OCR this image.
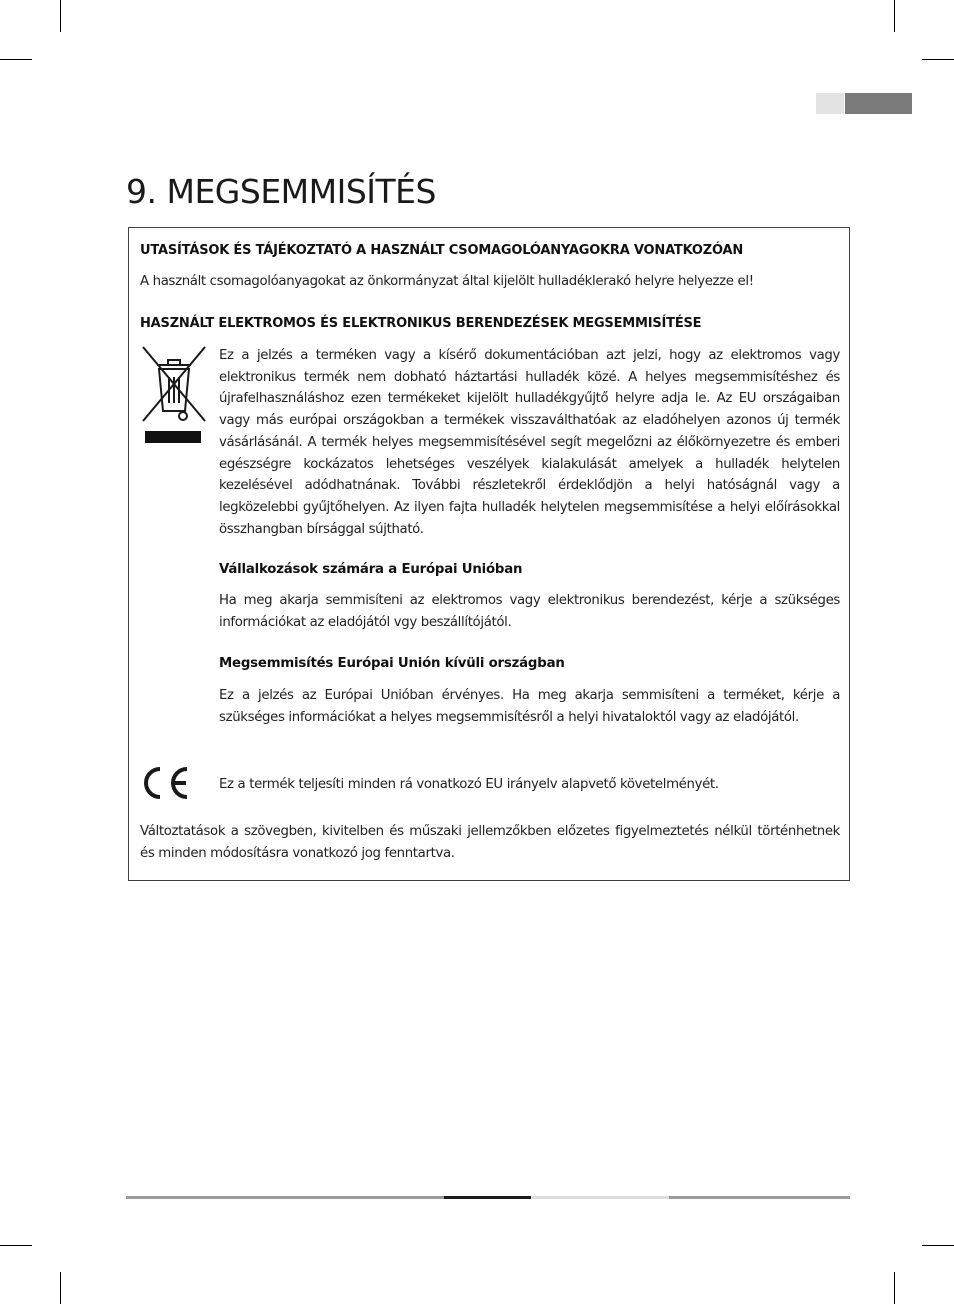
9. MEGSEMMISÍTÉS

UTASÍTÁSOK ÉS TÁJÉKOZTATÓ A HASZNÁLT CSOMAGOLÓANYAGOKRA VONATKOZÓAN

A használt csomagolóanyagokat az önkormányzat által kijelölt hulladéklerakó helyre helyezze el!

HASZNÁLT ELEKTROMOS ÉS ELEKTRONIKUS BERENDEZÉSEK MEGSEMMISÍTÉSE

Ez a jelzés a terméken vagy a kísérő dokumentációban azt jelzi, hogy az elektromos vagy elektronikus termék nem dobható háztartási hulladék közé. A helyes megsemmisítéshez és újrafelhasználáshoz ezen termékeket kijelölt hulladékgyűjtő helyre adja le. Az EU országaiban vagy más európai országokban a termékek visszaválthatóak az eladóhelyen azonos új termék vásárlásánál. A termék helyes megsemmisítésével segít megelőzni az élőkörnyezetre és emberi egészségre kockázatos lehetséges veszélyek kialakulását amelyek a hulladék helytelen kezelésével adódhatnának. További részletekről érdeklődjön a helyi hatóságnál vagy a legközelebbi gyűjtőhelyen. Az ilyen fajta hulladék helytelen megsemmisítése a helyi előírásokkal összhangban bírsággal sújtható.

Vállalkozások számára a Európai Unióban

Ha meg akarja semmisíteni az elektromos vagy elektronikus berendezést, kérje a szükséges információkat az eladójától vgy beszállítójától.

Megsemmisítés Európai Unión kívüli országban

Ez a jelzés az Európai Unióban érvényes. Ha meg akarja semmisíteni a terméket, kérje a szükséges információkat a helyes megsemmisítésről a helyi hivataloktól vagy az eladójától.

Ez a termék teljesíti minden rá vonatkozó EU irányelv alapvető követelményét.

Változtatások a szövegben, kivitelben és műszaki jellemzőkben előzetes figyelmeztetés nélkül történhetnek és minden módosításra vonatkozó jog fenntartva.
